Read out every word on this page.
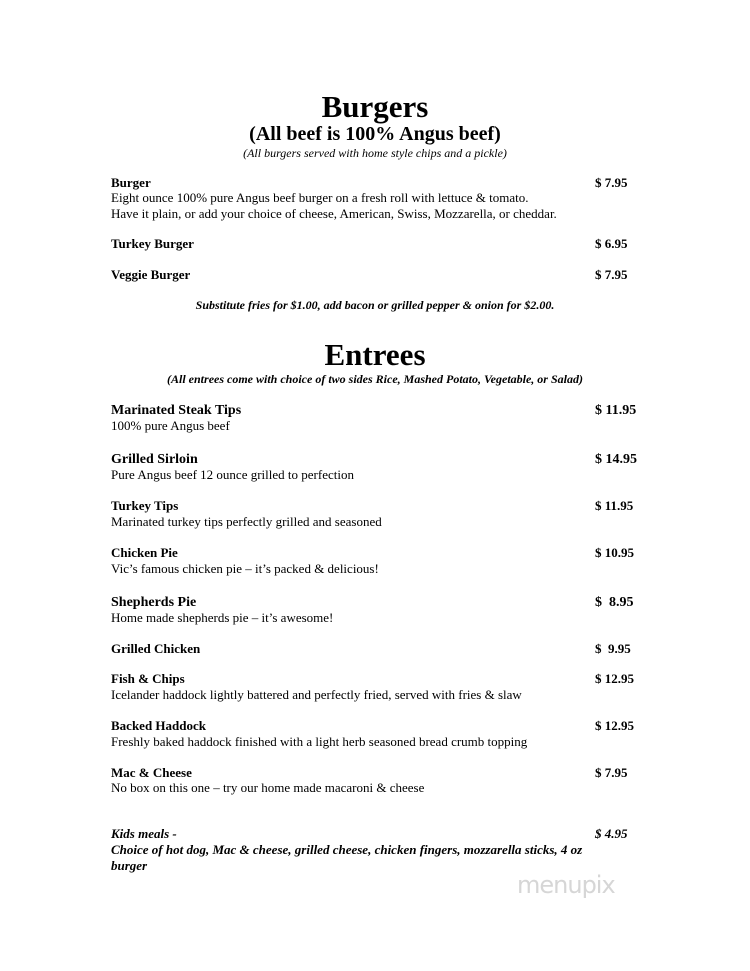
Burgers
(All beef is 100% Angus beef)
(All burgers served with home style chips and a pickle)
Burger	$ 7.95
Eight ounce 100% pure Angus beef burger on a fresh roll with lettuce & tomato.
Have it plain, or add your choice of cheese, American, Swiss, Mozzarella, or cheddar.
Turkey Burger	$ 6.95
Veggie Burger	$ 7.95
Substitute fries for $1.00, add bacon or grilled pepper & onion for $2.00.
Entrees
(All entrees come with choice of two sides Rice, Mashed Potato, Vegetable, or Salad)
Marinated Steak Tips	$ 11.95
100% pure Angus beef
Grilled Sirloin	$ 14.95
Pure Angus beef 12 ounce grilled to perfection
Turkey Tips	$ 11.95
Marinated turkey tips perfectly grilled and seasoned
Chicken Pie	$ 10.95
Vic’s famous chicken pie – it’s packed & delicious!
Shepherds Pie	$  8.95
Home made shepherds pie – it’s awesome!
Grilled Chicken	$  9.95
Fish & Chips	$ 12.95
Icelander haddock lightly battered and perfectly fried, served with fries & slaw
Backed Haddock	$ 12.95
Freshly baked haddock finished with a light herb seasoned bread crumb topping
Mac & Cheese	$ 7.95
No box on this one – try our home made macaroni & cheese
Kids meals -	$ 4.95
Choice of hot dog, Mac & cheese, grilled cheese, chicken fingers, mozzarella sticks, 4 oz
burger
menupix
